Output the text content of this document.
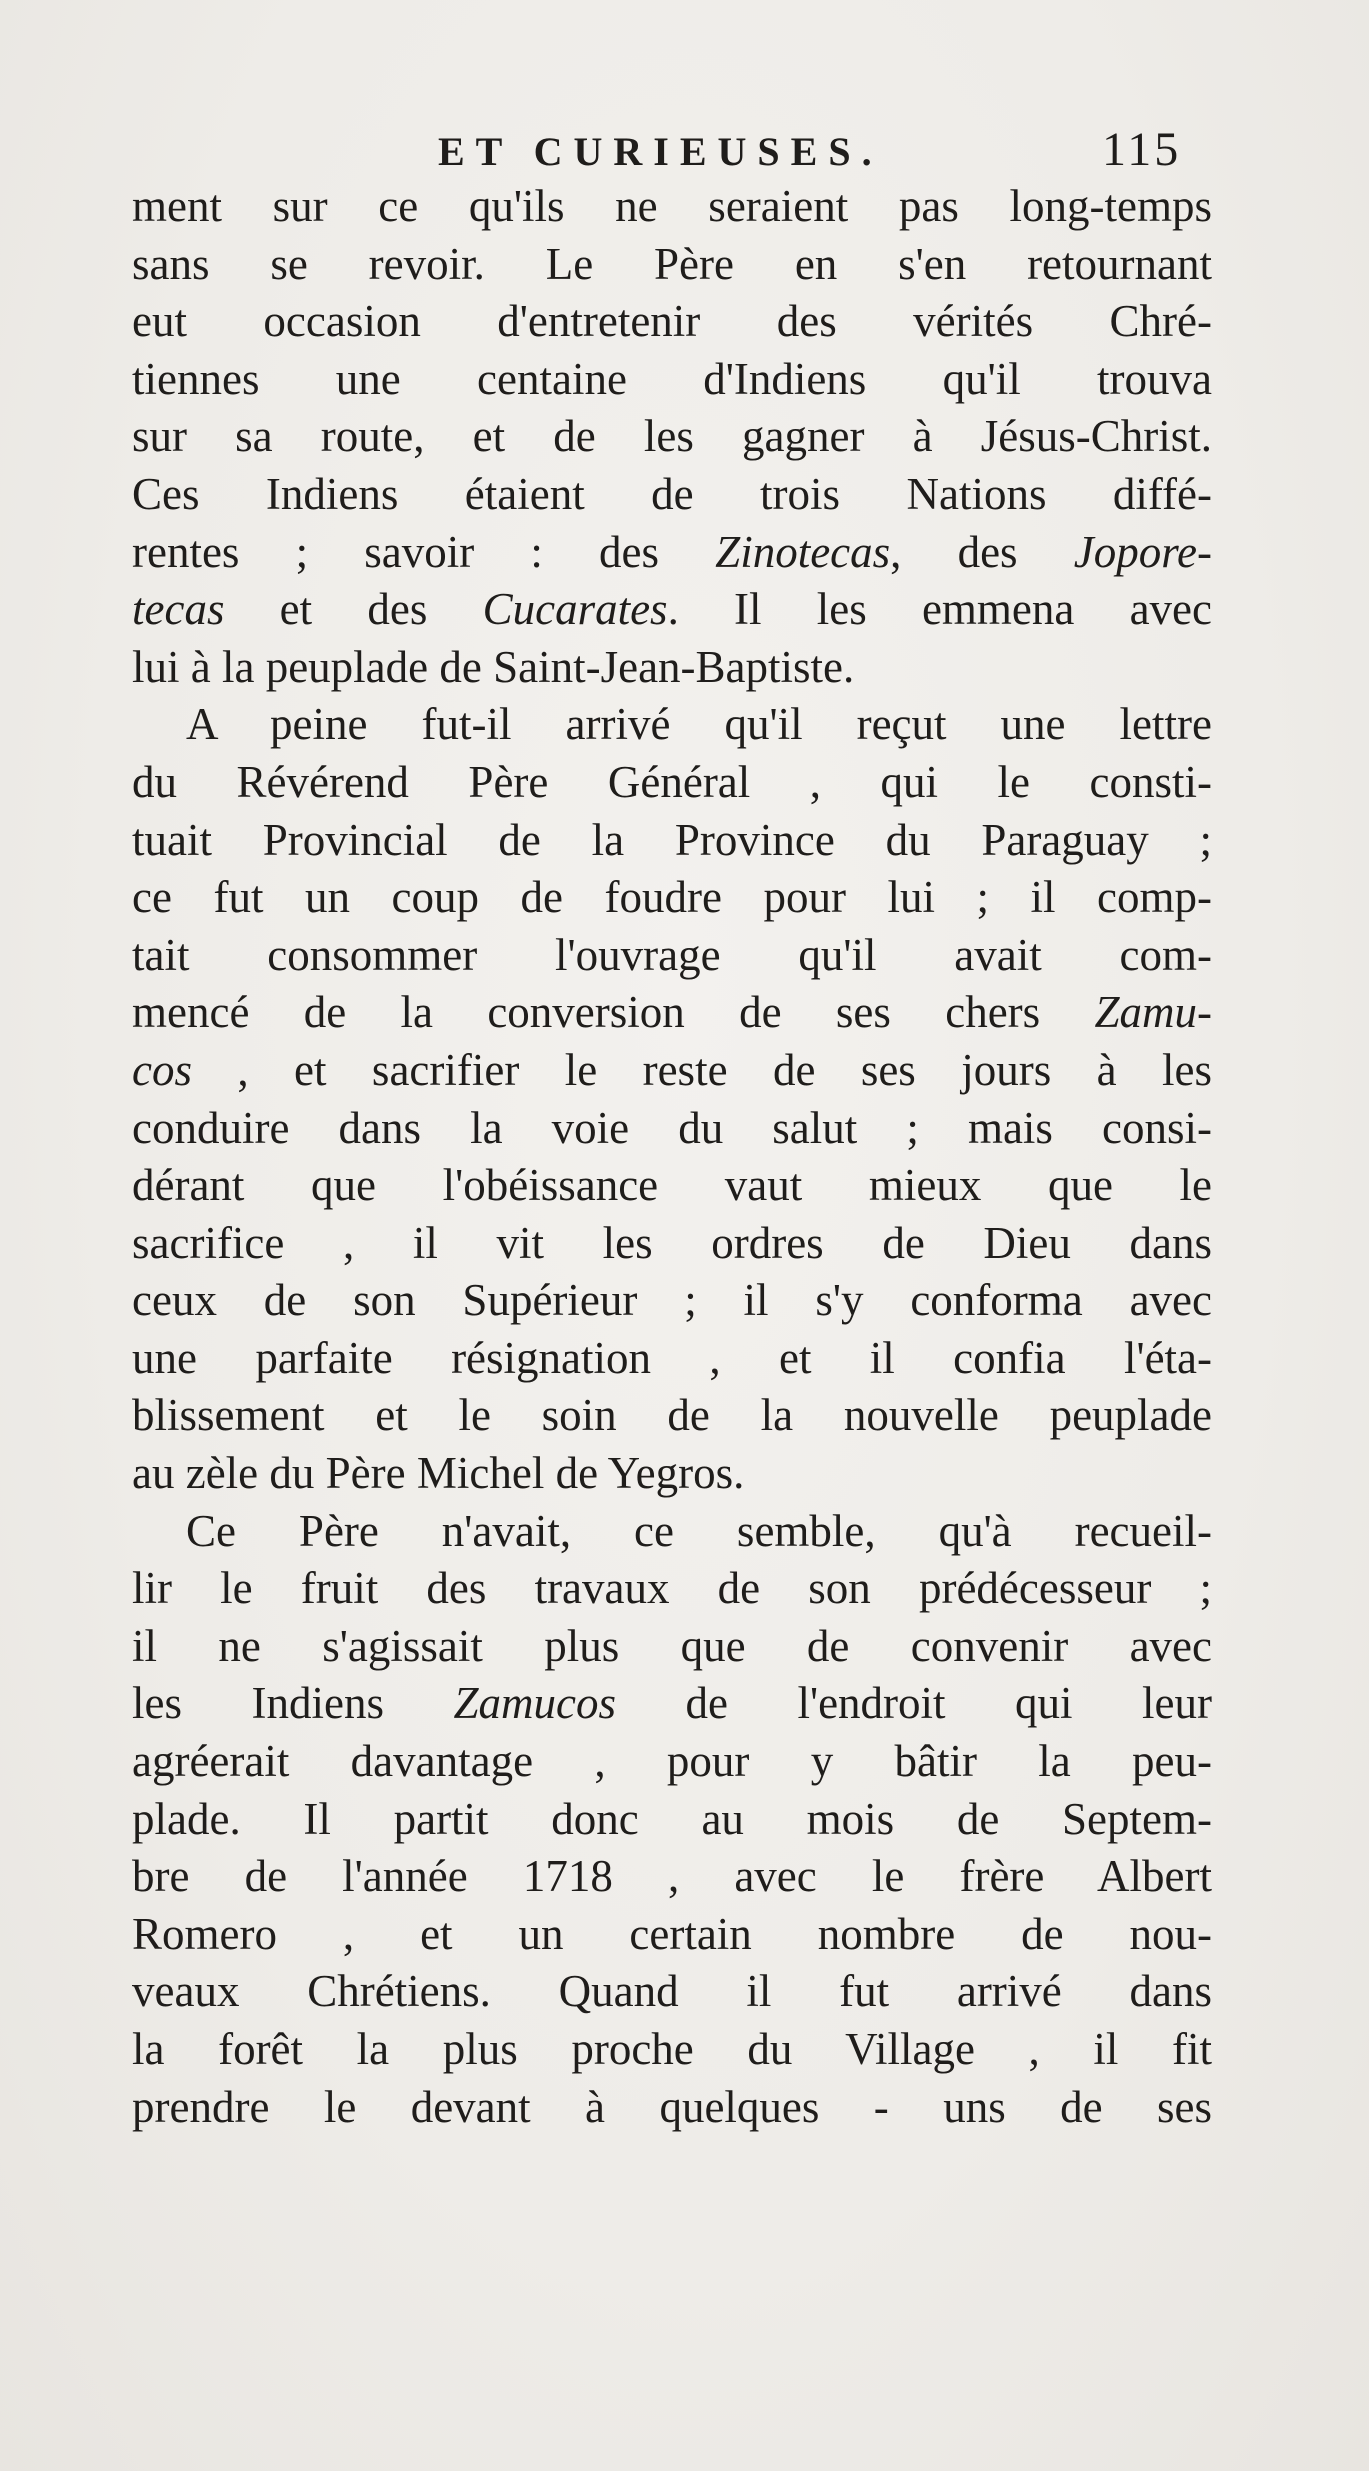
ET CURIEUSES.	115
ment sur ce qu'ils ne seraient pas long-temps
sans se revoir. Le Père en s'en retournant
eut occasion d'entretenir des vérités Chré-
tiennes une centaine d'Indiens qu'il trouva
sur sa route, et de les gagner à Jésus-Christ.
Ces Indiens étaient de trois Nations diffé-
rentes ; savoir : des Zinotecas, des Jopore-
tecas et des Cucarates. Il les emmena avec
lui à la peuplade de Saint-Jean-Baptiste.
A peine fut-il arrivé qu'il reçut une lettre
du Révérend Père Général , qui le consti-
tuait Provincial de la Province du Paraguay ;
ce fut un coup de foudre pour lui ; il comp-
tait consommer l'ouvrage qu'il avait com-
mencé de la conversion de ses chers Zamu-
cos , et sacrifier le reste de ses jours à les
conduire dans la voie du salut ; mais consi-
dérant que l'obéissance vaut mieux que le
sacrifice , il vit les ordres de Dieu dans
ceux de son Supérieur ; il s'y conforma avec
une parfaite résignation , et il confia l'éta-
blissement et le soin de la nouvelle peuplade
au zèle du Père Michel de Yegros.
Ce Père n'avait, ce semble, qu'à recueil-
lir le fruit des travaux de son prédécesseur ;
il ne s'agissait plus que de convenir avec
les Indiens Zamucos de l'endroit qui leur
agréerait davantage , pour y bâtir la peu-
plade. Il partit donc au mois de Septem-
bre de l'année 1718 , avec le frère Albert
Romero , et un certain nombre de nou-
veaux Chrétiens. Quand il fut arrivé dans
la forêt la plus proche du Village , il fit
prendre le devant à quelques - uns de ses
